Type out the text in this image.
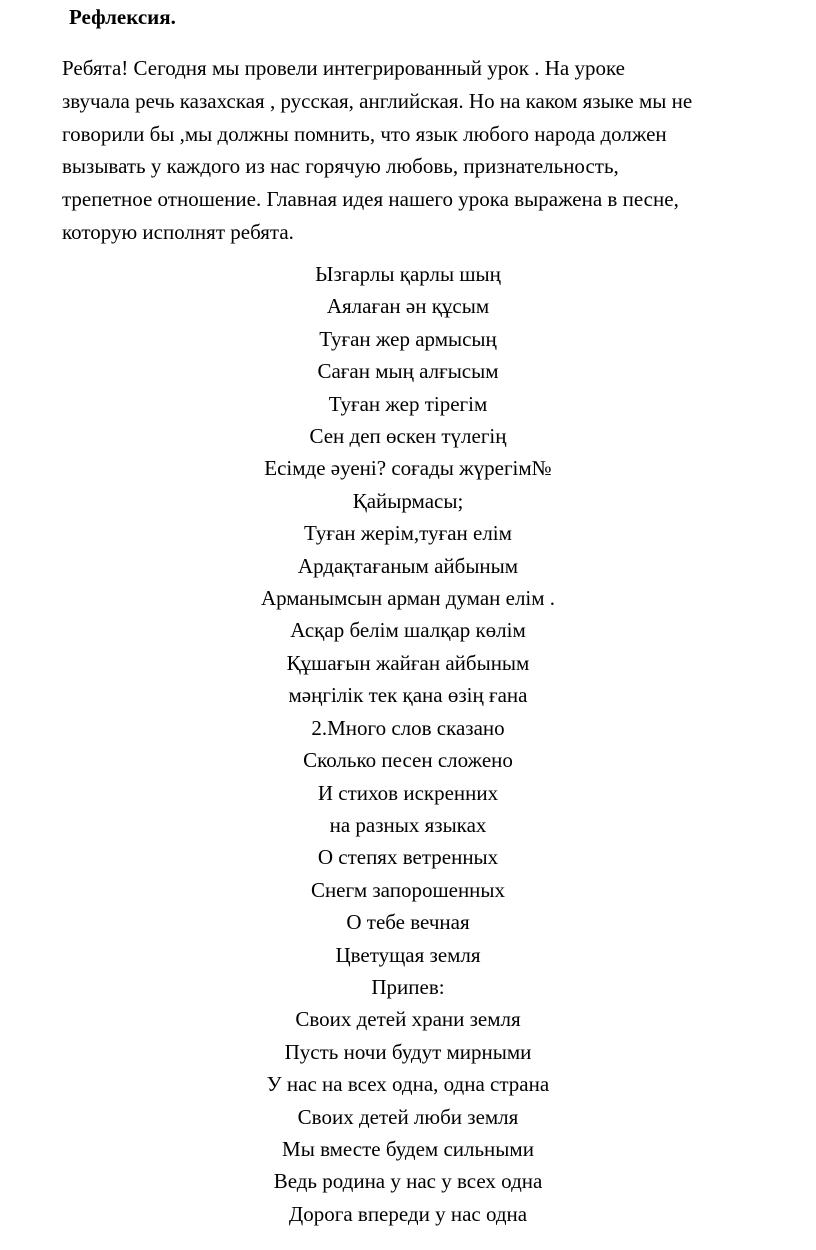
Рефлексия.
Ребята! Сегодня мы провели интегрированный урок . На уроке
звучала речь казахская , русская, английская. Но на каком языке мы не
говорили бы ,мы должны помнить, что язык любого народа должен
вызывать у каждого из нас горячую любовь, признательность,
трепетное отношение. Главная идея нашего урока выражена в песне,
которую исполнят ребята.
Ызгарлы қарлы шың
Аялаған ән құсым
Туған жер армысың
Саған мың алғысым
Туған жер тірегім
Сен деп өскен түлегің
Есімде әуені? соғады жүрегім№
Қайырмасы;
Туған жерім,туған елім
Ардақтағаным айбыным
Арманымсын арман думан елім .
Асқар белім шалқар көлім
Құшағын жайған айбыным
мәңгілік тек қана өзің ғана
2.Много слов сказано
Сколько песен сложено
И стихов искренних
на разных языках
О степях ветренных
Снегм запорошенных
О тебе вечная
Цветущая земля
Припев:
Своих детей храни земля
Пусть ночи будут мирными
У нас на всех одна, одна страна
Своих детей люби земля
Мы вместе будем сильными
Ведь родина у нас у всех одна
Дорога впереди у нас одна
